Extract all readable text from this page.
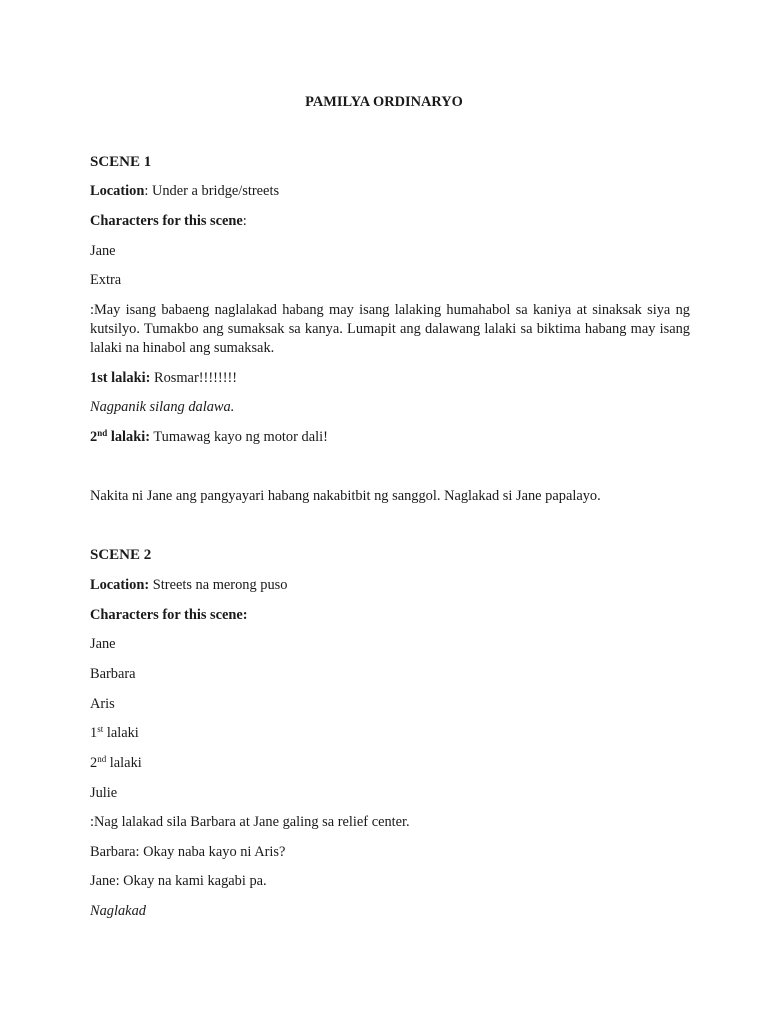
PAMILYA ORDINARYO
SCENE 1
Location: Under a bridge/streets
Characters for this scene:
Jane
Extra
:May isang babaeng naglalakad habang may isang lalaking humahabol sa kaniya at sinaksak siya ng kutsilyo. Tumakbo ang sumaksak sa kanya. Lumapit ang dalawang lalaki sa biktima habang may isang lalaki na hinabol ang sumaksak.
1st lalaki: Rosmar!!!!!!!!
Nagpanik silang dalawa.
2nd lalaki: Tumawag kayo ng motor dali!
Nakita ni Jane ang pangyayari habang nakabitbit ng sanggol. Naglakad si Jane papalayo.
SCENE 2
Location: Streets na merong puso
Characters for this scene:
Jane
Barbara
Aris
1st lalaki
2nd lalaki
Julie
:Nag lalakad sila Barbara at Jane galing sa relief center.
Barbara: Okay naba kayo ni Aris?
Jane: Okay na kami kagabi pa.
Naglakad
